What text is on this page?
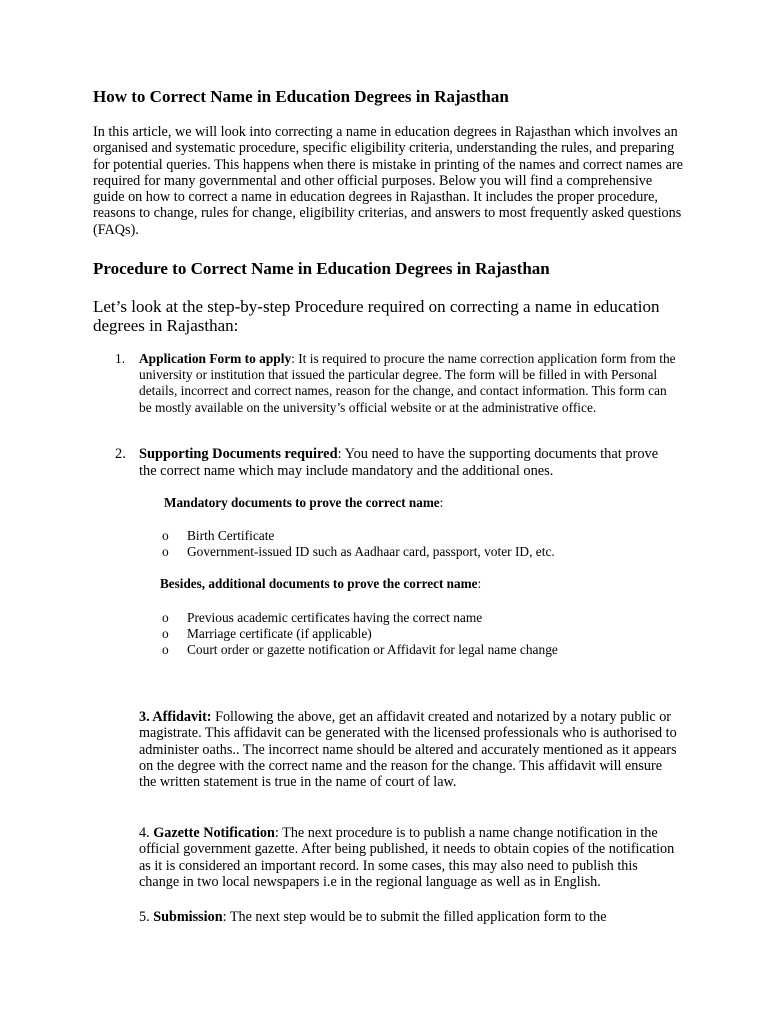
How to Correct Name in Education Degrees in Rajasthan
In this article, we will look into correcting a name in education degrees in Rajasthan which involves an organised and systematic procedure, specific eligibility criteria, understanding the rules, and preparing for potential queries. This happens when there is mistake in printing of the names and correct names are required for many governmental and other official purposes. Below you will find a comprehensive guide on how to correct a name in education degrees in Rajasthan. It includes the proper procedure, reasons to change, rules for change, eligibility criterias, and answers to most frequently asked questions (FAQs).
Procedure to Correct Name in Education Degrees in Rajasthan
Let’s look at the step-by-step Procedure required on correcting a name in education degrees in Rajasthan:
1. Application Form to apply: It is required to procure the name correction application form from the university or institution that issued the particular degree. The form will be filled in with Personal details, incorrect and correct names, reason for the change, and contact information. This form can be mostly available on the university’s official website or at the administrative office.
2. Supporting Documents required: You need to have the supporting documents that prove the correct name which may include mandatory and the additional ones.
Mandatory documents to prove the correct name:
o Birth Certificate
o Government-issued ID such as Aadhaar card, passport, voter ID, etc.
Besides, additional documents to prove the correct name:
o Previous academic certificates having the correct name
o Marriage certificate (if applicable)
o Court order or gazette notification or Affidavit for legal name change
3. Affidavit: Following the above, get an affidavit created and notarized by a notary public or magistrate. This affidavit can be generated with the licensed professionals who is authorised to administer oaths.. The incorrect name should be altered and accurately mentioned as it appears on the degree with the correct name and the reason for the change. This affidavit will ensure the written statement is true in the name of court of law.
4. Gazette Notification: The next procedure is to publish a name change notification in the official government gazette. After being published, it needs to obtain copies of the notification as it is considered an important record. In some cases, this may also need to publish this change in two local newspapers i.e in the regional language as well as in English.
5. Submission: The next step would be to submit the filled application form to the
